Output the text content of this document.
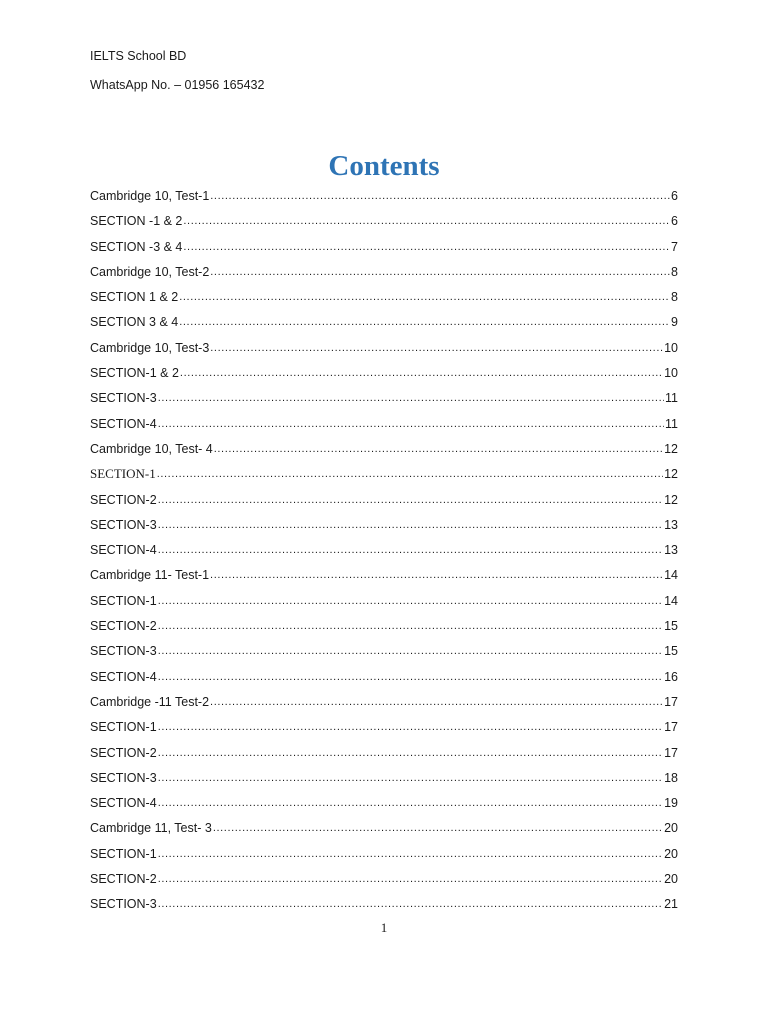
IELTS School BD
WhatsApp No. – 01956 165432
Contents
Cambridge 10, Test-1 .....	6
SECTION -1 & 2 .....	6
SECTION -3 & 4 .....	7
Cambridge 10, Test-2 .....	8
SECTION 1 & 2 .....	8
SECTION 3 & 4 .....	9
Cambridge 10, Test-3 .....	10
SECTION-1 & 2 .....	10
SECTION-3 .....	11
SECTION-4 .....	11
Cambridge 10, Test- 4 .....	12
SECTION-1 .....	12
SECTION-2 .....	12
SECTION-3 .....	13
SECTION-4 .....	13
Cambridge 11- Test-1 .....	14
SECTION-1 .....	14
SECTION-2 .....	15
SECTION-3 .....	15
SECTION-4 .....	16
Cambridge -11 Test-2 .....	17
SECTION-1 .....	17
SECTION-2 .....	17
SECTION-3 .....	18
SECTION-4 .....	19
Cambridge 11, Test- 3 .....	20
SECTION-1 .....	20
SECTION-2 .....	20
SECTION-3 .....	21
1
